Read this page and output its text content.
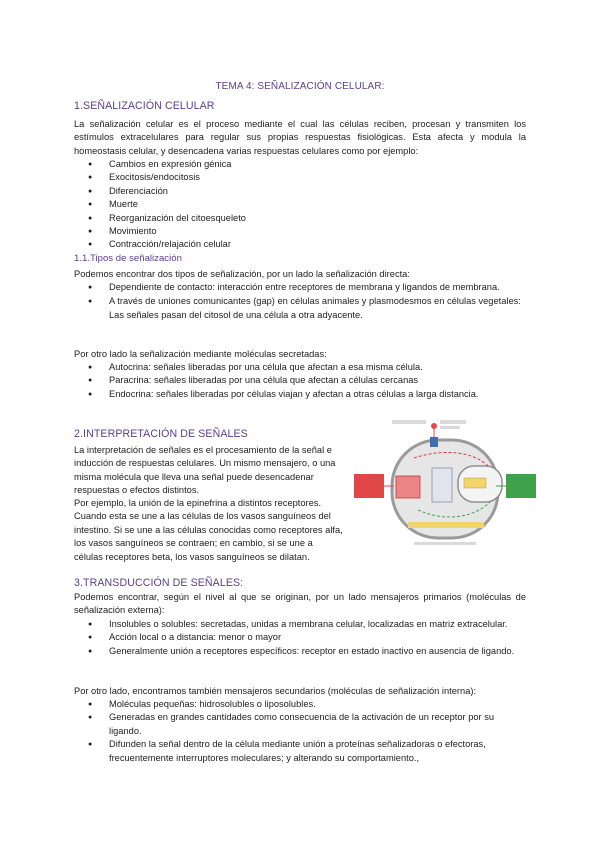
TEMA 4: SEÑALIZACIÓN CELULAR:
1.SEÑALIZACIÓN CELULAR
La señalización celular es el proceso mediante el cual las células reciben, procesan y transmiten los estímulos extracelulares para regular sus propias respuestas fisiológicas. Esta afecta y modula la homeostasis celular, y desencadena varias respuestas celulares como por ejemplo:
● Cambios en expresión génica
● Exocitosis/endocitosis
● Diferenciación
● Muerte
● Reorganización del citoesqueleto
● Movimiento
● Contracción/relajación celular
1.1.Tipos de señalización
Podemos encontrar dos tipos de señalización, por un lado la señalización directa:
● Dependiente de contacto: interacción entre receptores de membrana y ligandos de membrana.
● A través de uniones comunicantes (gap) en células animales y plasmodesmos en células vegetales: Las señales pasan del citosol de una célula a otra adyacente.
Por otro lado la señalización mediante moléculas secretadas:
● Autocrina: señales liberadas por una célula que afectan a esa misma célula.
● Paracrina: señales liberadas por una célula que afectan a células cercanas
● Endocrina: señales liberadas por células viajan y afectan a otras células a larga distancia.
2.INTERPRETACIÓN DE SEÑALES
La interpretación de señales es el procesamiento de la señal e inducción de respuestas celulares. Un mismo mensajero, o una misma molécula que lleva una señal puede desencadenar respuestas o efectos distintos.
Por ejemplo, la unión de la epinefrina a distintos receptores. Cuando esta se une a las células de los vasos sanguíneos del intestino. Si se une a las células conocidas como receptores alfa, los vasos sanguíneos se contraen; en cambio, si se une a células receptores beta, los vasos sanguíneos se dilatan.
3.TRANSDUCCIÓN DE SEÑALES:
Podemos encontrar, según el nivel al que se originan, por un lado mensajeros primarios (moléculas de señalización externa):
● Insolubles o solubles: secretadas, unidas a membrana celular, localizadas en matriz extracelular.
● Acción local o a distancia: menor o mayor
● Generalmente unión a receptores específicos: receptor en estado inactivo en ausencia de ligando.
Por otro lado, encontramos también mensajeros secundarios (moléculas de señalización interna):
● Moléculas pequeñas: hidrosolubles o liposolubles.
● Generadas en grandes cantidades como consecuencia de la activación de un receptor por su ligando.
● Difunden la señal dentro de la célula mediante unión a proteínas señalizadoras o efectoras, frecuentemente interruptores moleculares; y alterando su comportamiento.,
